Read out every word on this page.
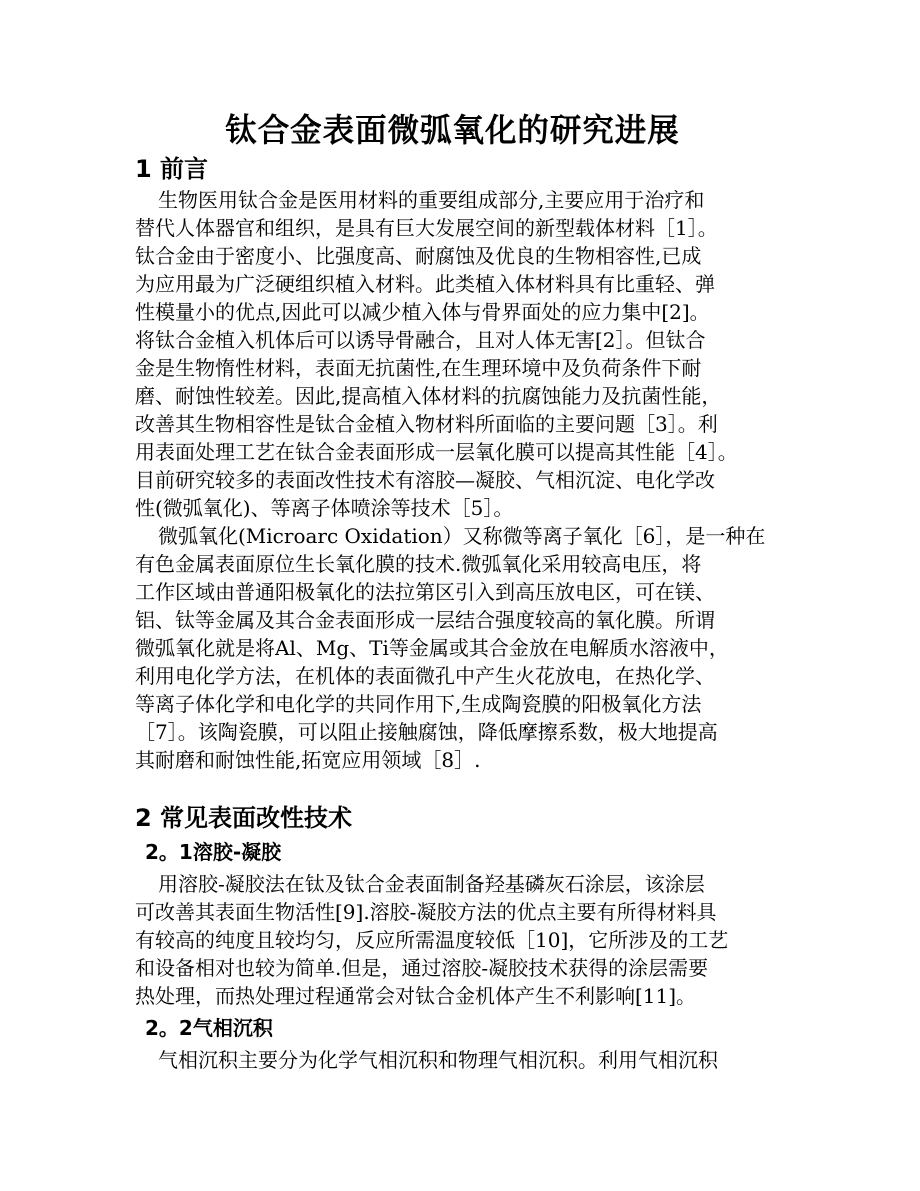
钛合金表面微弧氧化的研究进展
1 前言
生物医用钛合金是医用材料的重要组成部分,主要应用于治疗和
替代人体器官和组织，是具有巨大发展空间的新型载体材料［1］。
钛合金由于密度小、比强度高、耐腐蚀及优良的生物相容性,已成
为应用最为广泛硬组织植入材料。此类植入体材料具有比重轻、弹
性模量小的优点,因此可以减少植入体与骨界面处的应力集中[2]。
将钛合金植入机体后可以诱导骨融合，且对人体无害[2］。但钛合
金是生物惰性材料，表面无抗菌性,在生理环境中及负荷条件下耐
磨、耐蚀性较差。因此,提高植入体材料的抗腐蚀能力及抗菌性能，
改善其生物相容性是钛合金植入物材料所面临的主要问题［3］。利
用表面处理工艺在钛合金表面形成一层氧化膜可以提高其性能［4］。
目前研究较多的表面改性技术有溶胶—凝胶、气相沉淀、电化学改
性(微弧氧化)、等离子体喷涂等技术［5］。
微弧氧化(Microarc Oxidation）又称微等离子氧化［6］，是一种在
有色金属表面原位生长氧化膜的技术.微弧氧化采用较高电压，将
工作区域由普通阳极氧化的法拉第区引入到高压放电区，可在镁、
铝、钛等金属及其合金表面形成一层结合强度较高的氧化膜。所谓
微弧氧化就是将Al、Mg、Ti等金属或其合金放在电解质水溶液中，
利用电化学方法，在机体的表面微孔中产生火花放电，在热化学、
等离子体化学和电化学的共同作用下,生成陶瓷膜的阳极氧化方法
［7］。该陶瓷膜，可以阻止接触腐蚀，降低摩擦系数，极大地提高
其耐磨和耐蚀性能,拓宽应用领域［8］.
2 常见表面改性技术
2。1溶胶-凝胶
用溶胶-凝胶法在钛及钛合金表面制备羟基磷灰石涂层，该涂层
可改善其表面生物活性[9].溶胶-凝胶方法的优点主要有所得材料具
有较高的纯度且较均匀，反应所需温度较低［10]，它所涉及的工艺
和设备相对也较为简单.但是，通过溶胶-凝胶技术获得的涂层需要
热处理，而热处理过程通常会对钛合金机体产生不利影响[11]。
2。2气相沉积
气相沉积主要分为化学气相沉积和物理气相沉积。利用气相沉积
